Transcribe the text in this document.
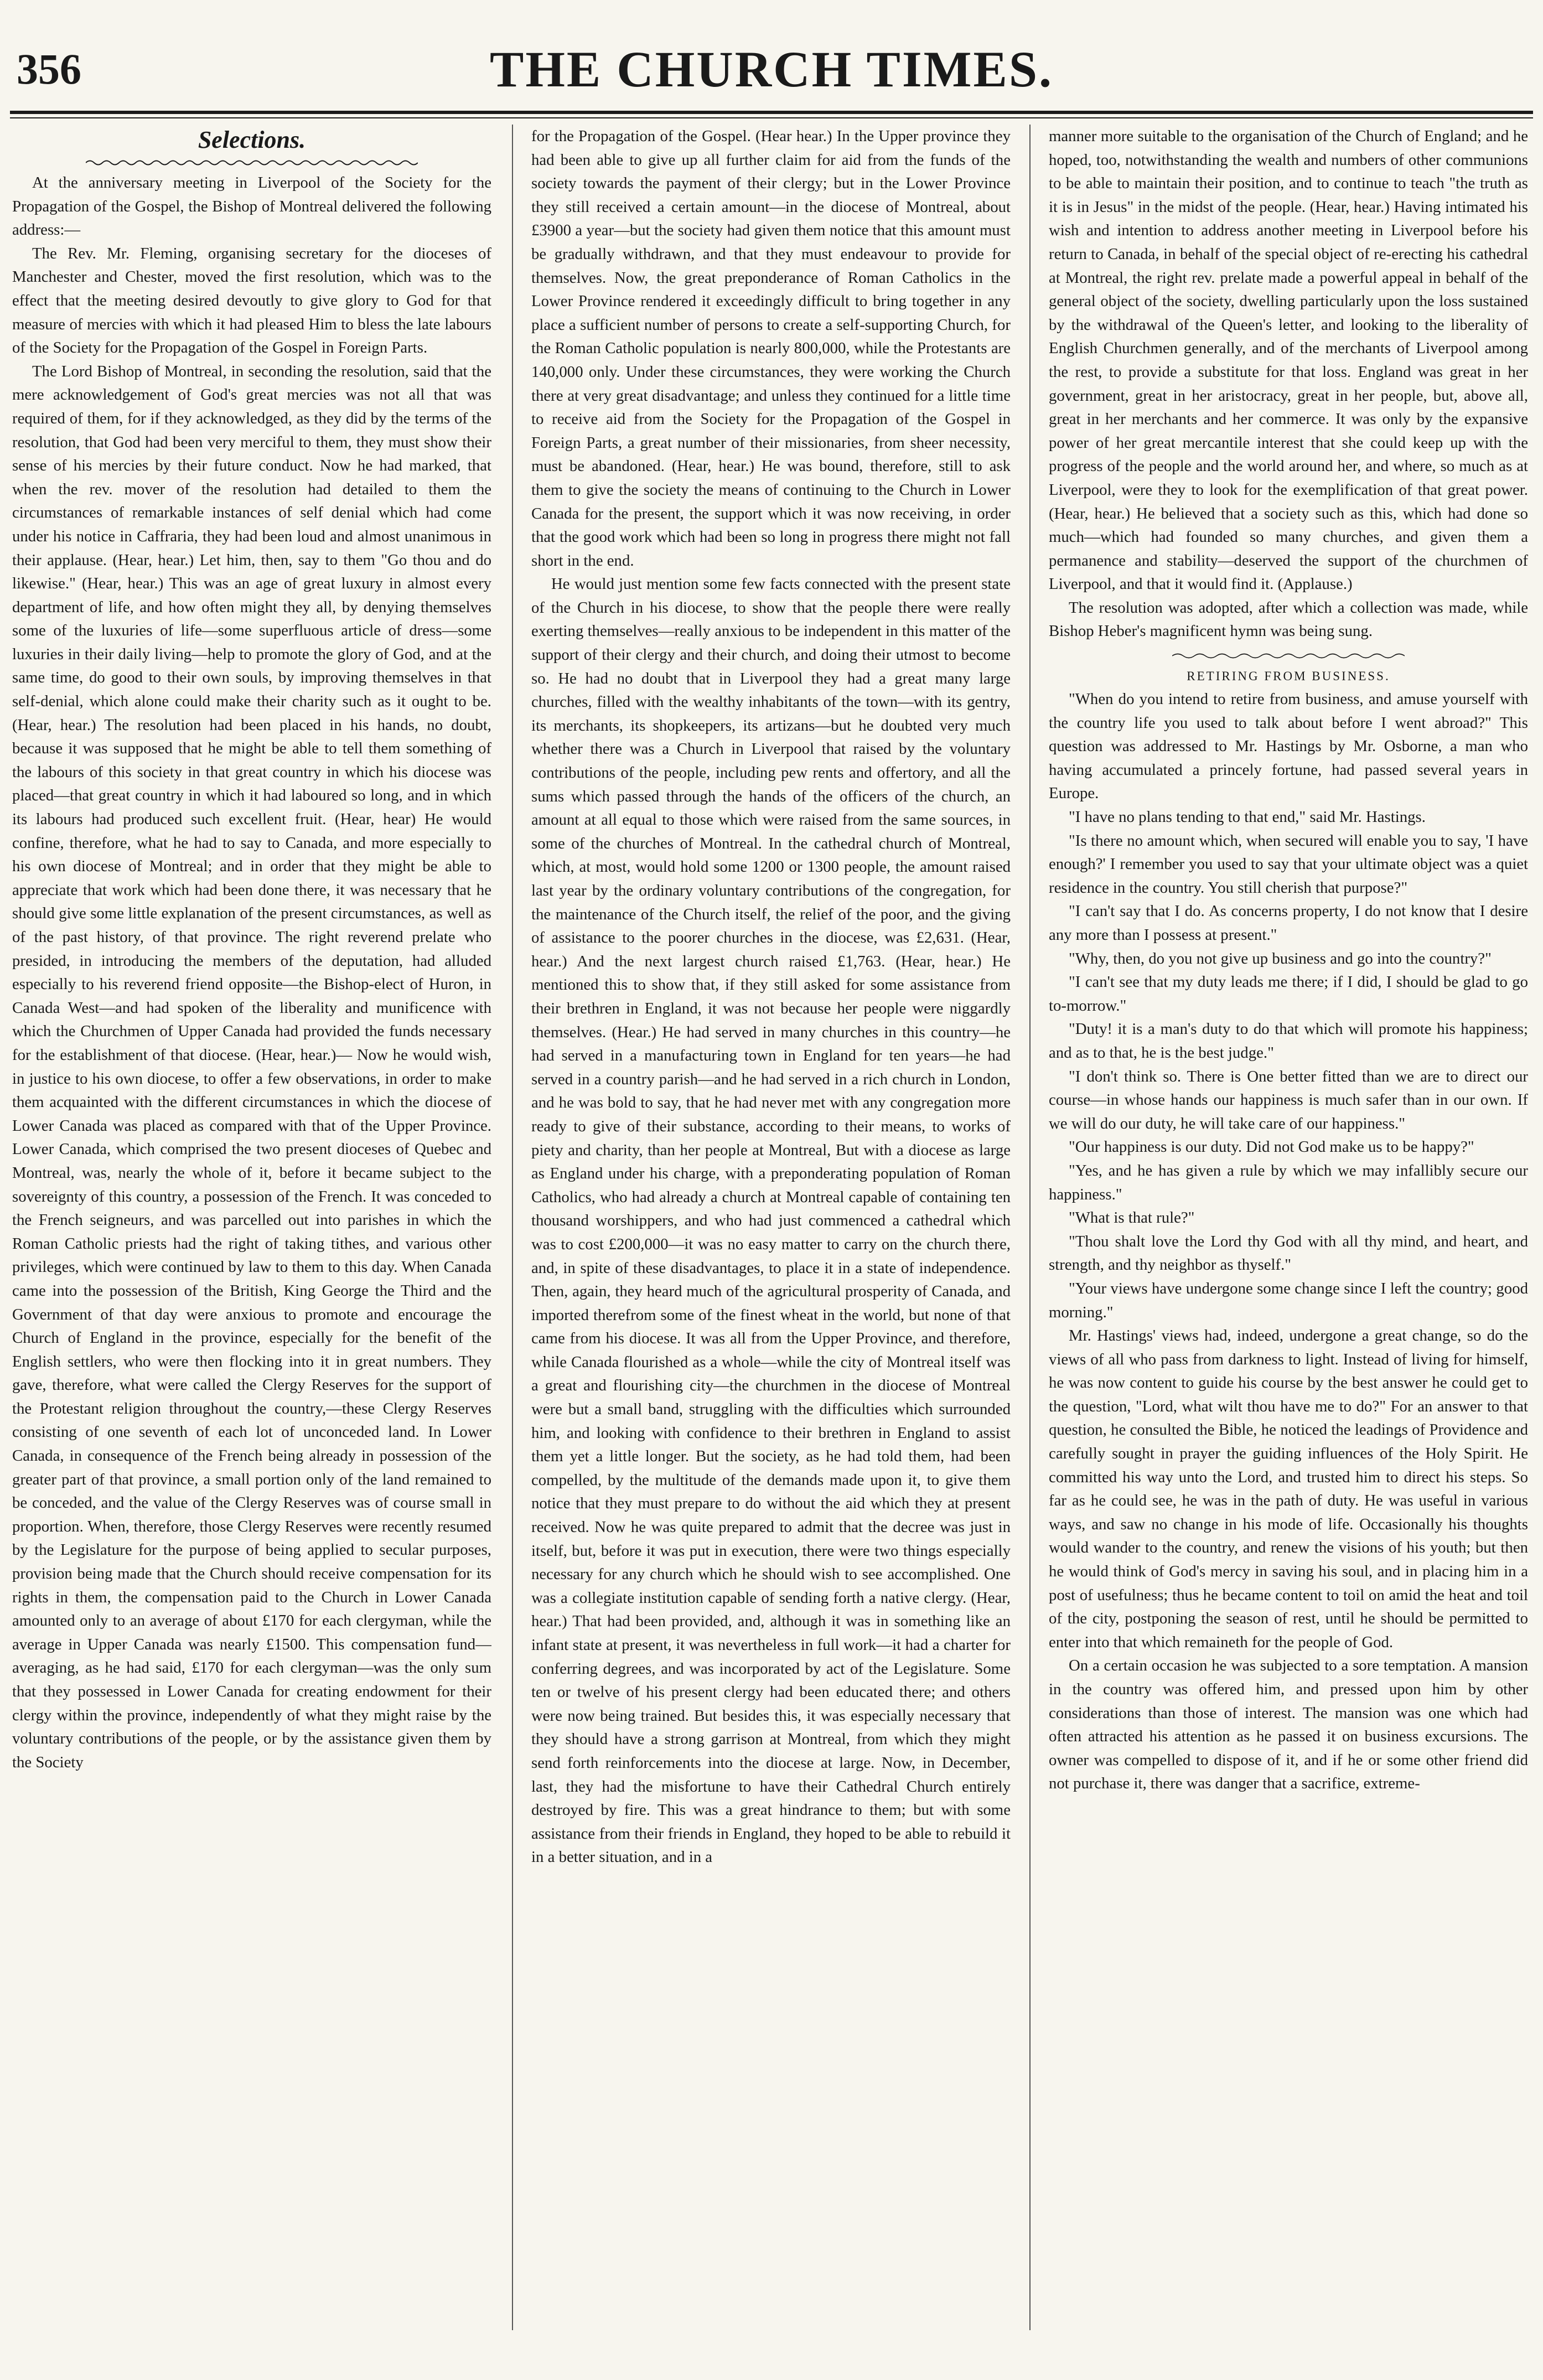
356	THE CHURCH TIMES.
Selections.

At the anniversary meeting in Liverpool of the Society for the Propagation of the Gospel, the Bishop of Montreal delivered the following address:—

The Rev. Mr. Fleming, organising secretary for the dioceses of Manchester and Chester, moved the first resolution, which was to the effect that the meeting desired devoutly to give glory to God for that measure of mercies with which it had pleased Him to bless the late labours of the Society for the Propagation of the Gospel in Foreign Parts.

The Lord Bishop of Montreal, in seconding the resolution, said that the mere acknowledgement of God's great mercies was not all that was required of them, for if they acknowledged, as they did by the terms of the resolution, that God had been very merciful to them, they must show their sense of his mercies by their future conduct. Now he had marked, that when the rev. mover of the resolution had detailed to them the circumstances of remarkable instances of self denial which had come under his notice in Caffraria, they had been loud and almost unanimous in their applause. (Hear, hear.) Let him, then, say to them "Go thou and do likewise." (Hear, hear.) This was an age of great luxury in almost every department of life, and how often might they all, by denying themselves some of the luxuries of life—some superfluous article of dress—some luxuries in their daily living—help to promote the glory of God, and at the same time, do good to their own souls, by improving themselves in that self-denial, which alone could make their charity such as it ought to be. (Hear, hear.) The resolution had been placed in his hands, no doubt, because it was supposed that he might be able to tell them something of the labours of this society in that great country in which his diocese was placed—that great country in which it had laboured so long, and in which its labours had produced such excellent fruit. (Hear, hear) He would confine, therefore, what he had to say to Canada, and more especially to his own diocese of Montreal; and in order that they might be able to appreciate that work which had been done there, it was necessary that he should give some little explanation of the present circumstances, as well as of the past history, of that province. The right reverend prelate who presided, in introducing the members of the deputation, had alluded especially to his reverend friend opposite—the Bishop-elect of Huron, in Canada West—and had spoken of the liberality and munificence with which the Churchmen of Upper Canada had provided the funds necessary for the establishment of that diocese. (Hear, hear.)— Now he would wish, in justice to his own diocese, to offer a few observations, in order to make them acquainted with the different circumstances in which the diocese of Lower Canada was placed as compared with that of the Upper Province. Lower Canada, which comprised the two present dioceses of Quebec and Montreal, was, nearly the whole of it, before it became subject to the sovereignty of this country, a possession of the French. It was conceded to the French seigneurs, and was parcelled out into parishes in which the Roman Catholic priests had the right of taking tithes, and various other privileges, which were continued by law to them to this day. When Canada came into the possession of the British, King George the Third and the Government of that day were anxious to promote and encourage the Church of England in the province, especially for the benefit of the English settlers, who were then flocking into it in great numbers. They gave, therefore, what were called the Clergy Reserves for the support of the Protestant religion throughout the country,—these Clergy Reserves consisting of one seventh of each lot of unconceded land. In Lower Canada, in consequence of the French being already in possession of the greater part of that province, a small portion only of the land remained to be conceded, and the value of the Clergy Reserves was of course small in proportion. When, therefore, those Clergy Reserves were recently resumed by the Legislature for the purpose of being applied to secular purposes, provision being made that the Church should receive compensation for its rights in them, the compensation paid to the Church in Lower Canada amounted only to an average of about £170 for each clergyman, while the average in Upper Canada was nearly £1500. This compensation fund—averaging, as he had said, £170 for each clergyman—was the only sum that they possessed in Lower Canada for creating endowment for their clergy within the province, independently of what they might raise by the voluntary contributions of the people, or by the assistance given them by the Society

for the Propagation of the Gospel. (Hear hear.) In the Upper province they had been able to give up all further claim for aid from the funds of the society towards the payment of their clergy; but in the Lower Province they still received a certain amount—in the diocese of Montreal, about £3900 a year—but the society had given them notice that this amount must be gradually withdrawn, and that they must endeavour to provide for themselves. Now, the great preponderance of Roman Catholics in the Lower Province rendered it exceedingly difficult to bring together in any place a sufficient number of persons to create a self-supporting Church, for the Roman Catholic population is nearly 800,000, while the Protestants are 140,000 only. Under these circumstances, they were working the Church there at very great disadvantage; and unless they continued for a little time to receive aid from the Society for the Propagation of the Gospel in Foreign Parts, a great number of their missionaries, from sheer necessity, must be abandoned. (Hear, hear.) He was bound, therefore, still to ask them to give the society the means of continuing to the Church in Lower Canada for the present, the support which it was now receiving, in order that the good work which had been so long in progress there might not fall short in the end.

He would just mention some few facts connected with the present state of the Church in his diocese, to show that the people there were really exerting themselves—really anxious to be independent in this matter of the support of their clergy and their church, and doing their utmost to become so. He had no doubt that in Liverpool they had a great many large churches, filled with the wealthy inhabitants of the town—with its gentry, its merchants, its shopkeepers, its artizans—but he doubted very much whether there was a Church in Liverpool that raised by the voluntary contributions of the people, including pew rents and offertory, and all the sums which passed through the hands of the officers of the church, an amount at all equal to those which were raised from the same sources, in some of the churches of Montreal. In the cathedral church of Montreal, which, at most, would hold some 1200 or 1300 people, the amount raised last year by the ordinary voluntary contributions of the congregation, for the maintenance of the Church itself, the relief of the poor, and the giving of assistance to the poorer churches in the diocese, was £2,631. (Hear, hear.) And the next largest church raised £1,763. (Hear, hear.) He mentioned this to show that, if they still asked for some assistance from their brethren in England, it was not because her people were niggardly themselves. (Hear.) He had served in many churches in this country—he had served in a manufacturing town in England for ten years—he had served in a country parish—and he had served in a rich church in London, and he was bold to say, that he had never met with any congregation more ready to give of their substance, according to their means, to works of piety and charity, than her people at Montreal, But with a diocese as large as England under his charge, with a preponderating population of Roman Catholics, who had already a church at Montreal capable of containing ten thousand worshippers, and who had just commenced a cathedral which was to cost £200,000—it was no easy matter to carry on the church there, and, in spite of these disadvantages, to place it in a state of independence. Then, again, they heard much of the agricultural prosperity of Canada, and imported therefrom some of the finest wheat in the world, but none of that came from his diocese. It was all from the Upper Province, and therefore, while Canada flourished as a whole—while the city of Montreal itself was a great and flourishing city—the churchmen in the diocese of Montreal were but a small band, struggling with the difficulties which surrounded him, and looking with confidence to their brethren in England to assist them yet a little longer. But the society, as he had told them, had been compelled, by the multitude of the demands made upon it, to give them notice that they must prepare to do without the aid which they at present received. Now he was quite prepared to admit that the decree was just in itself, but, before it was put in execution, there were two things especially necessary for any church which he should wish to see accomplished. One was a collegiate institution capable of sending forth a native clergy. (Hear, hear.) That had been provided, and, although it was in something like an infant state at present, it was nevertheless in full work—it had a charter for conferring degrees, and was incorporated by act of the Legislature. Some ten or twelve of his present clergy had been educated there; and others were now being trained. But besides this, it was especially necessary that they should have a strong garrison at Montreal, from which they might send forth reinforcements into the diocese at large. Now, in December, last, they had the misfortune to have their Cathedral Church entirely destroyed by fire. This was a great hindrance to them; but with some assistance from their friends in England, they hoped to be able to rebuild it in a better situation, and in a

manner more suitable to the organisation of the Church of England; and he hoped, too, notwithstanding the wealth and numbers of other communions to be able to maintain their position, and to continue to teach "the truth as it is in Jesus" in the midst of the people. (Hear, hear.) Having intimated his wish and intention to address another meeting in Liverpool before his return to Canada, in behalf of the special object of re-erecting his cathedral at Montreal, the right rev. prelate made a powerful appeal in behalf of the general object of the society, dwelling particularly upon the loss sustained by the withdrawal of the Queen's letter, and looking to the liberality of English Churchmen generally, and of the merchants of Liverpool among the rest, to provide a substitute for that loss. England was great in her government, great in her aristocracy, great in her people, but, above all, great in her merchants and her commerce. It was only by the expansive power of her great mercantile interest that she could keep up with the progress of the people and the world around her, and where, so much as at Liverpool, were they to look for the exemplification of that great power. (Hear, hear.) He believed that a society such as this, which had done so much—which had founded so many churches, and given them a permanence and stability—deserved the support of the churchmen of Liverpool, and that it would find it. (Applause.)

The resolution was adopted, after which a collection was made, while Bishop Heber's magnificent hymn was being sung.

RETIRING FROM BUSINESS.

"When do you intend to retire from business, and amuse yourself with the country life you used to talk about before I went abroad?" This question was addressed to Mr. Hastings by Mr. Osborne, a man who having accumulated a princely fortune, had passed several years in Europe.

"I have no plans tending to that end," said Mr. Hastings.

"Is there no amount which, when secured will enable you to say, 'I have enough?' I remember you used to say that your ultimate object was a quiet residence in the country. You still cherish that purpose?"

"I can't say that I do. As concerns property, I do not know that I desire any more than I possess at present."

"Why, then, do you not give up business and go into the country?"

"I can't see that my duty leads me there; if I did, I should be glad to go to-morrow."

"Duty! it is a man's duty to do that which will promote his happiness; and as to that, he is the best judge."

"I don't think so. There is One better fitted than we are to direct our course—in whose hands our happiness is much safer than in our own. If we will do our duty, he will take care of our happiness."

"Our happiness is our duty. Did not God make us to be happy?"

"Yes, and he has given a rule by which we may infallibly secure our happiness."

"What is that rule?"

"Thou shalt love the Lord thy God with all thy mind, and heart, and strength, and thy neighbor as thyself."

"Your views have undergone some change since I left the country; good morning."

Mr. Hastings' views had, indeed, undergone a great change, so do the views of all who pass from darkness to light. Instead of living for himself, he was now content to guide his course by the best answer he could get to the question, "Lord, what wilt thou have me to do?" For an answer to that question, he consulted the Bible, he noticed the leadings of Providence and carefully sought in prayer the guiding influences of the Holy Spirit. He committed his way unto the Lord, and trusted him to direct his steps. So far as he could see, he was in the path of duty. He was useful in various ways, and saw no change in his mode of life. Occasionally his thoughts would wander to the country, and renew the visions of his youth; but then he would think of God's mercy in saving his soul, and in placing him in a post of usefulness; thus he became content to toil on amid the heat and toil of the city, postponing the season of rest, until he should be permitted to enter into that which remaineth for the people of God.

On a certain occasion he was subjected to a sore temptation. A mansion in the country was offered him, and pressed upon him by other considerations than those of interest. The mansion was one which had often attracted his attention as he passed it on business excursions. The owner was compelled to dispose of it, and if he or some other friend did not purchase it, there was danger that a sacrifice, extreme-
